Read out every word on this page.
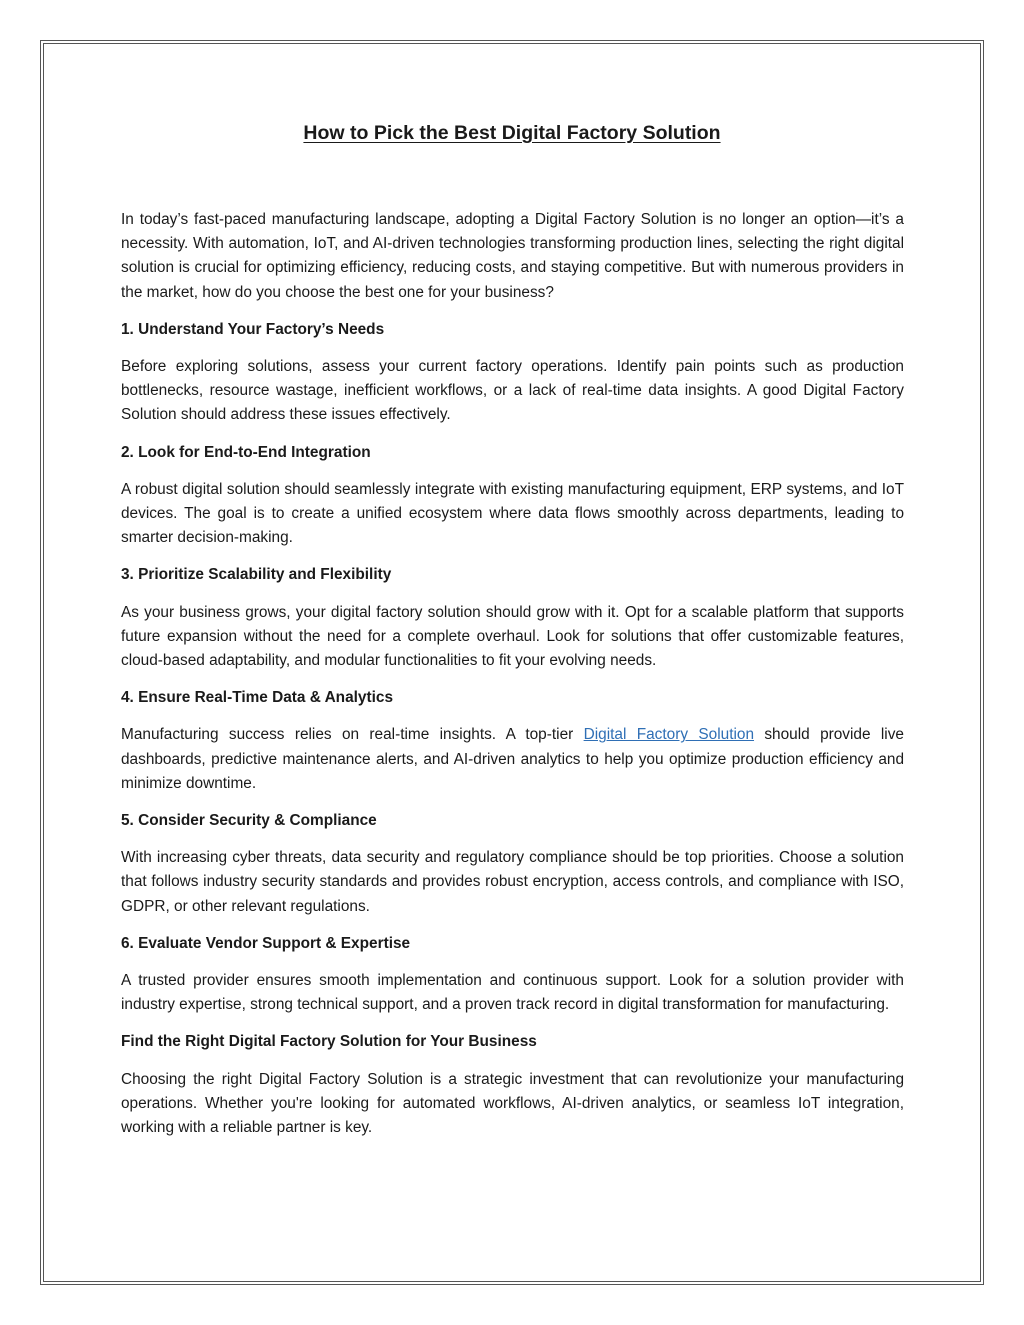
How to Pick the Best Digital Factory Solution

In today’s fast-paced manufacturing landscape, adopting a Digital Factory Solution is no longer an option—it’s a necessity. With automation, IoT, and AI-driven technologies transforming production lines, selecting the right digital solution is crucial for optimizing efficiency, reducing costs, and staying competitive. But with numerous providers in the market, how do you choose the best one for your business?

1. Understand Your Factory’s Needs

Before exploring solutions, assess your current factory operations. Identify pain points such as production bottlenecks, resource wastage, inefficient workflows, or a lack of real-time data insights. A good Digital Factory Solution should address these issues effectively.

2. Look for End-to-End Integration

A robust digital solution should seamlessly integrate with existing manufacturing equipment, ERP systems, and IoT devices. The goal is to create a unified ecosystem where data flows smoothly across departments, leading to smarter decision-making.

3. Prioritize Scalability and Flexibility

As your business grows, your digital factory solution should grow with it. Opt for a scalable platform that supports future expansion without the need for a complete overhaul. Look for solutions that offer customizable features, cloud-based adaptability, and modular functionalities to fit your evolving needs.

4. Ensure Real-Time Data & Analytics

Manufacturing success relies on real-time insights. A top-tier Digital Factory Solution should provide live dashboards, predictive maintenance alerts, and AI-driven analytics to help you optimize production efficiency and minimize downtime.

5. Consider Security & Compliance

With increasing cyber threats, data security and regulatory compliance should be top priorities. Choose a solution that follows industry security standards and provides robust encryption, access controls, and compliance with ISO, GDPR, or other relevant regulations.

6. Evaluate Vendor Support & Expertise

A trusted provider ensures smooth implementation and continuous support. Look for a solution provider with industry expertise, strong technical support, and a proven track record in digital transformation for manufacturing.

Find the Right Digital Factory Solution for Your Business

Choosing the right Digital Factory Solution is a strategic investment that can revolutionize your manufacturing operations. Whether you're looking for automated workflows, AI-driven analytics, or seamless IoT integration, working with a reliable partner is key.
